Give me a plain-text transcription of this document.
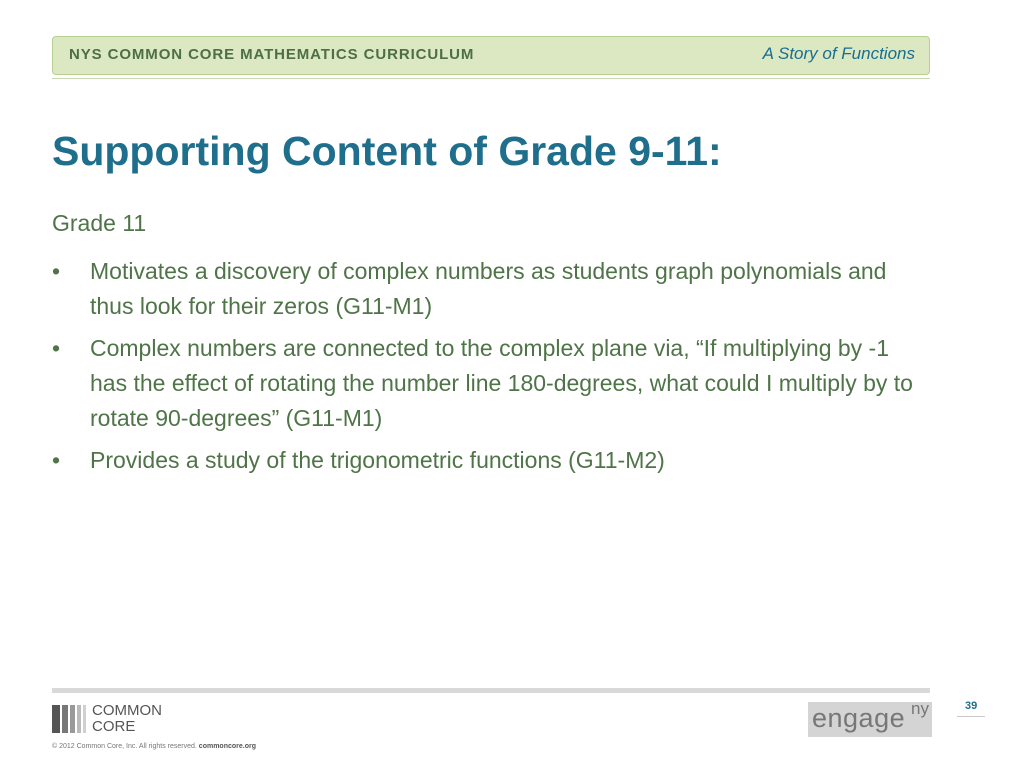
NYS COMMON CORE MATHEMATICS CURRICULUM	A Story of Functions
Supporting Content of Grade 9-11:
Grade 11
• Motivates a discovery of complex numbers as students graph polynomials and thus look for their zeros (G11-M1)
• Complex numbers are connected to the complex plane via, “If multiplying by -1 has the effect of rotating the number line 180-degrees, what could I multiply by to rotate 90-degrees” (G11-M1)
• Provides a study of the trigonometric functions (G11-M2)
COMMON
CORE
© 2012 Common Core, Inc. All rights reserved. commoncore.org
engage ny	39
